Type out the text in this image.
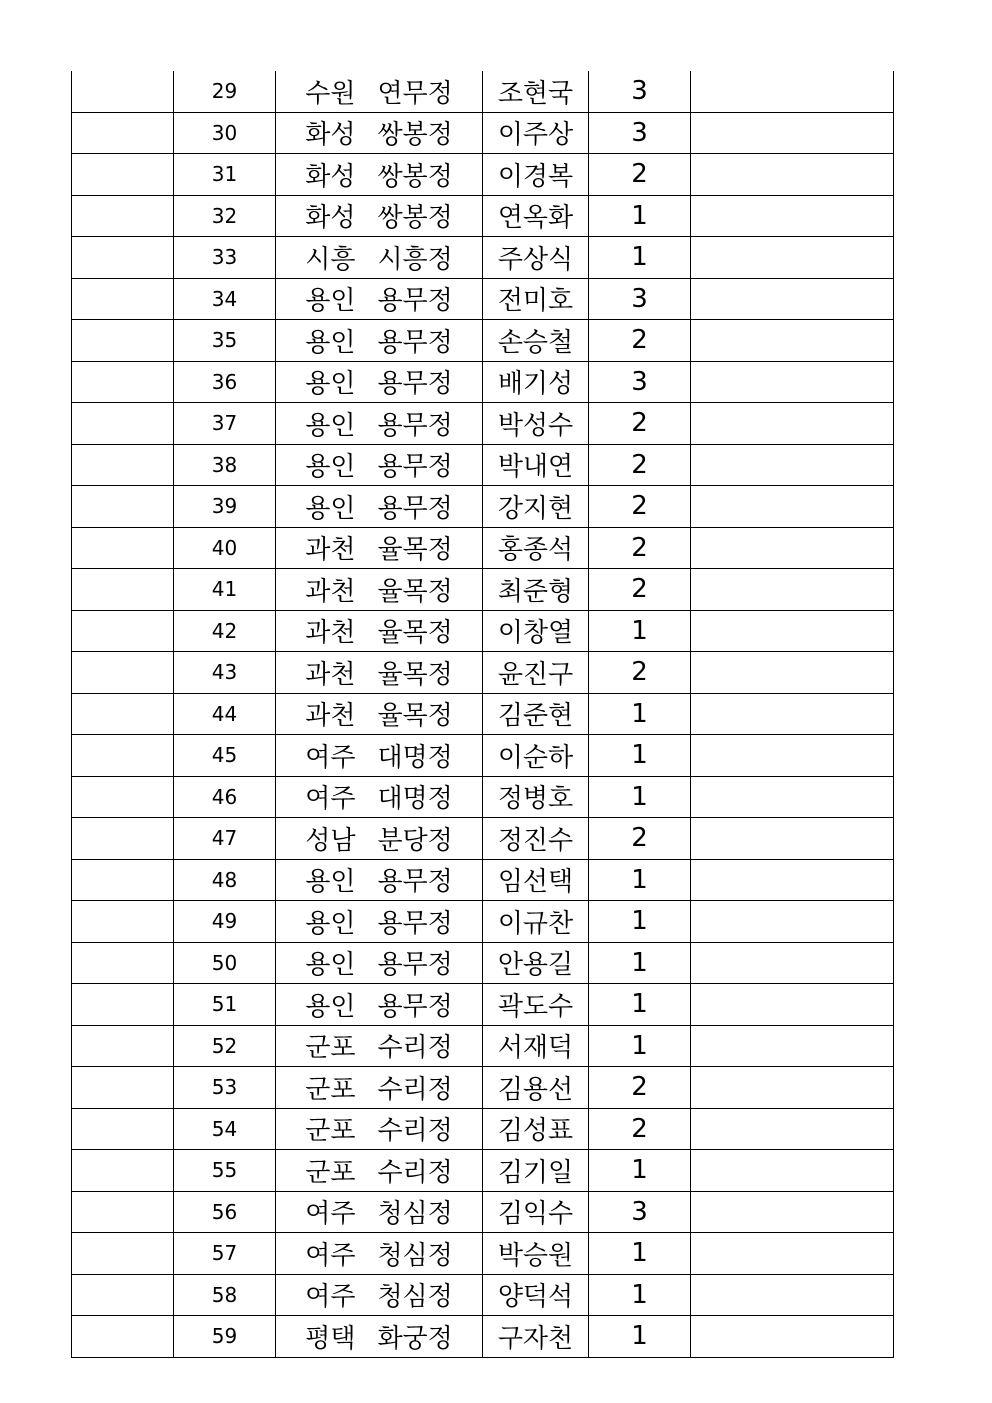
	29	수원 연무정	조현국	3	
	30	화성 쌍봉정	이주상	3	
	31	화성 쌍봉정	이경복	2	
	32	화성 쌍봉정	연옥화	1	
	33	시흥 시흥정	주상식	1	
	34	용인 용무정	전미호	3	
	35	용인 용무정	손승철	2	
	36	용인 용무정	배기성	3	
	37	용인 용무정	박성수	2	
	38	용인 용무정	박내연	2	
	39	용인 용무정	강지현	2	
	40	과천 율목정	홍종석	2	
	41	과천 율목정	최준형	2	
	42	과천 율목정	이창열	1	
	43	과천 율목정	윤진구	2	
	44	과천 율목정	김준현	1	
	45	여주 대명정	이순하	1	
	46	여주 대명정	정병호	1	
	47	성남 분당정	정진수	2	
	48	용인 용무정	임선택	1	
	49	용인 용무정	이규찬	1	
	50	용인 용무정	안용길	1	
	51	용인 용무정	곽도수	1	
	52	군포 수리정	서재덕	1	
	53	군포 수리정	김용선	2	
	54	군포 수리정	김성표	2	
	55	군포 수리정	김기일	1	
	56	여주 청심정	김익수	3	
	57	여주 청심정	박승원	1	
	58	여주 청심정	양덕석	1	
	59	평택 화궁정	구자천	1	
